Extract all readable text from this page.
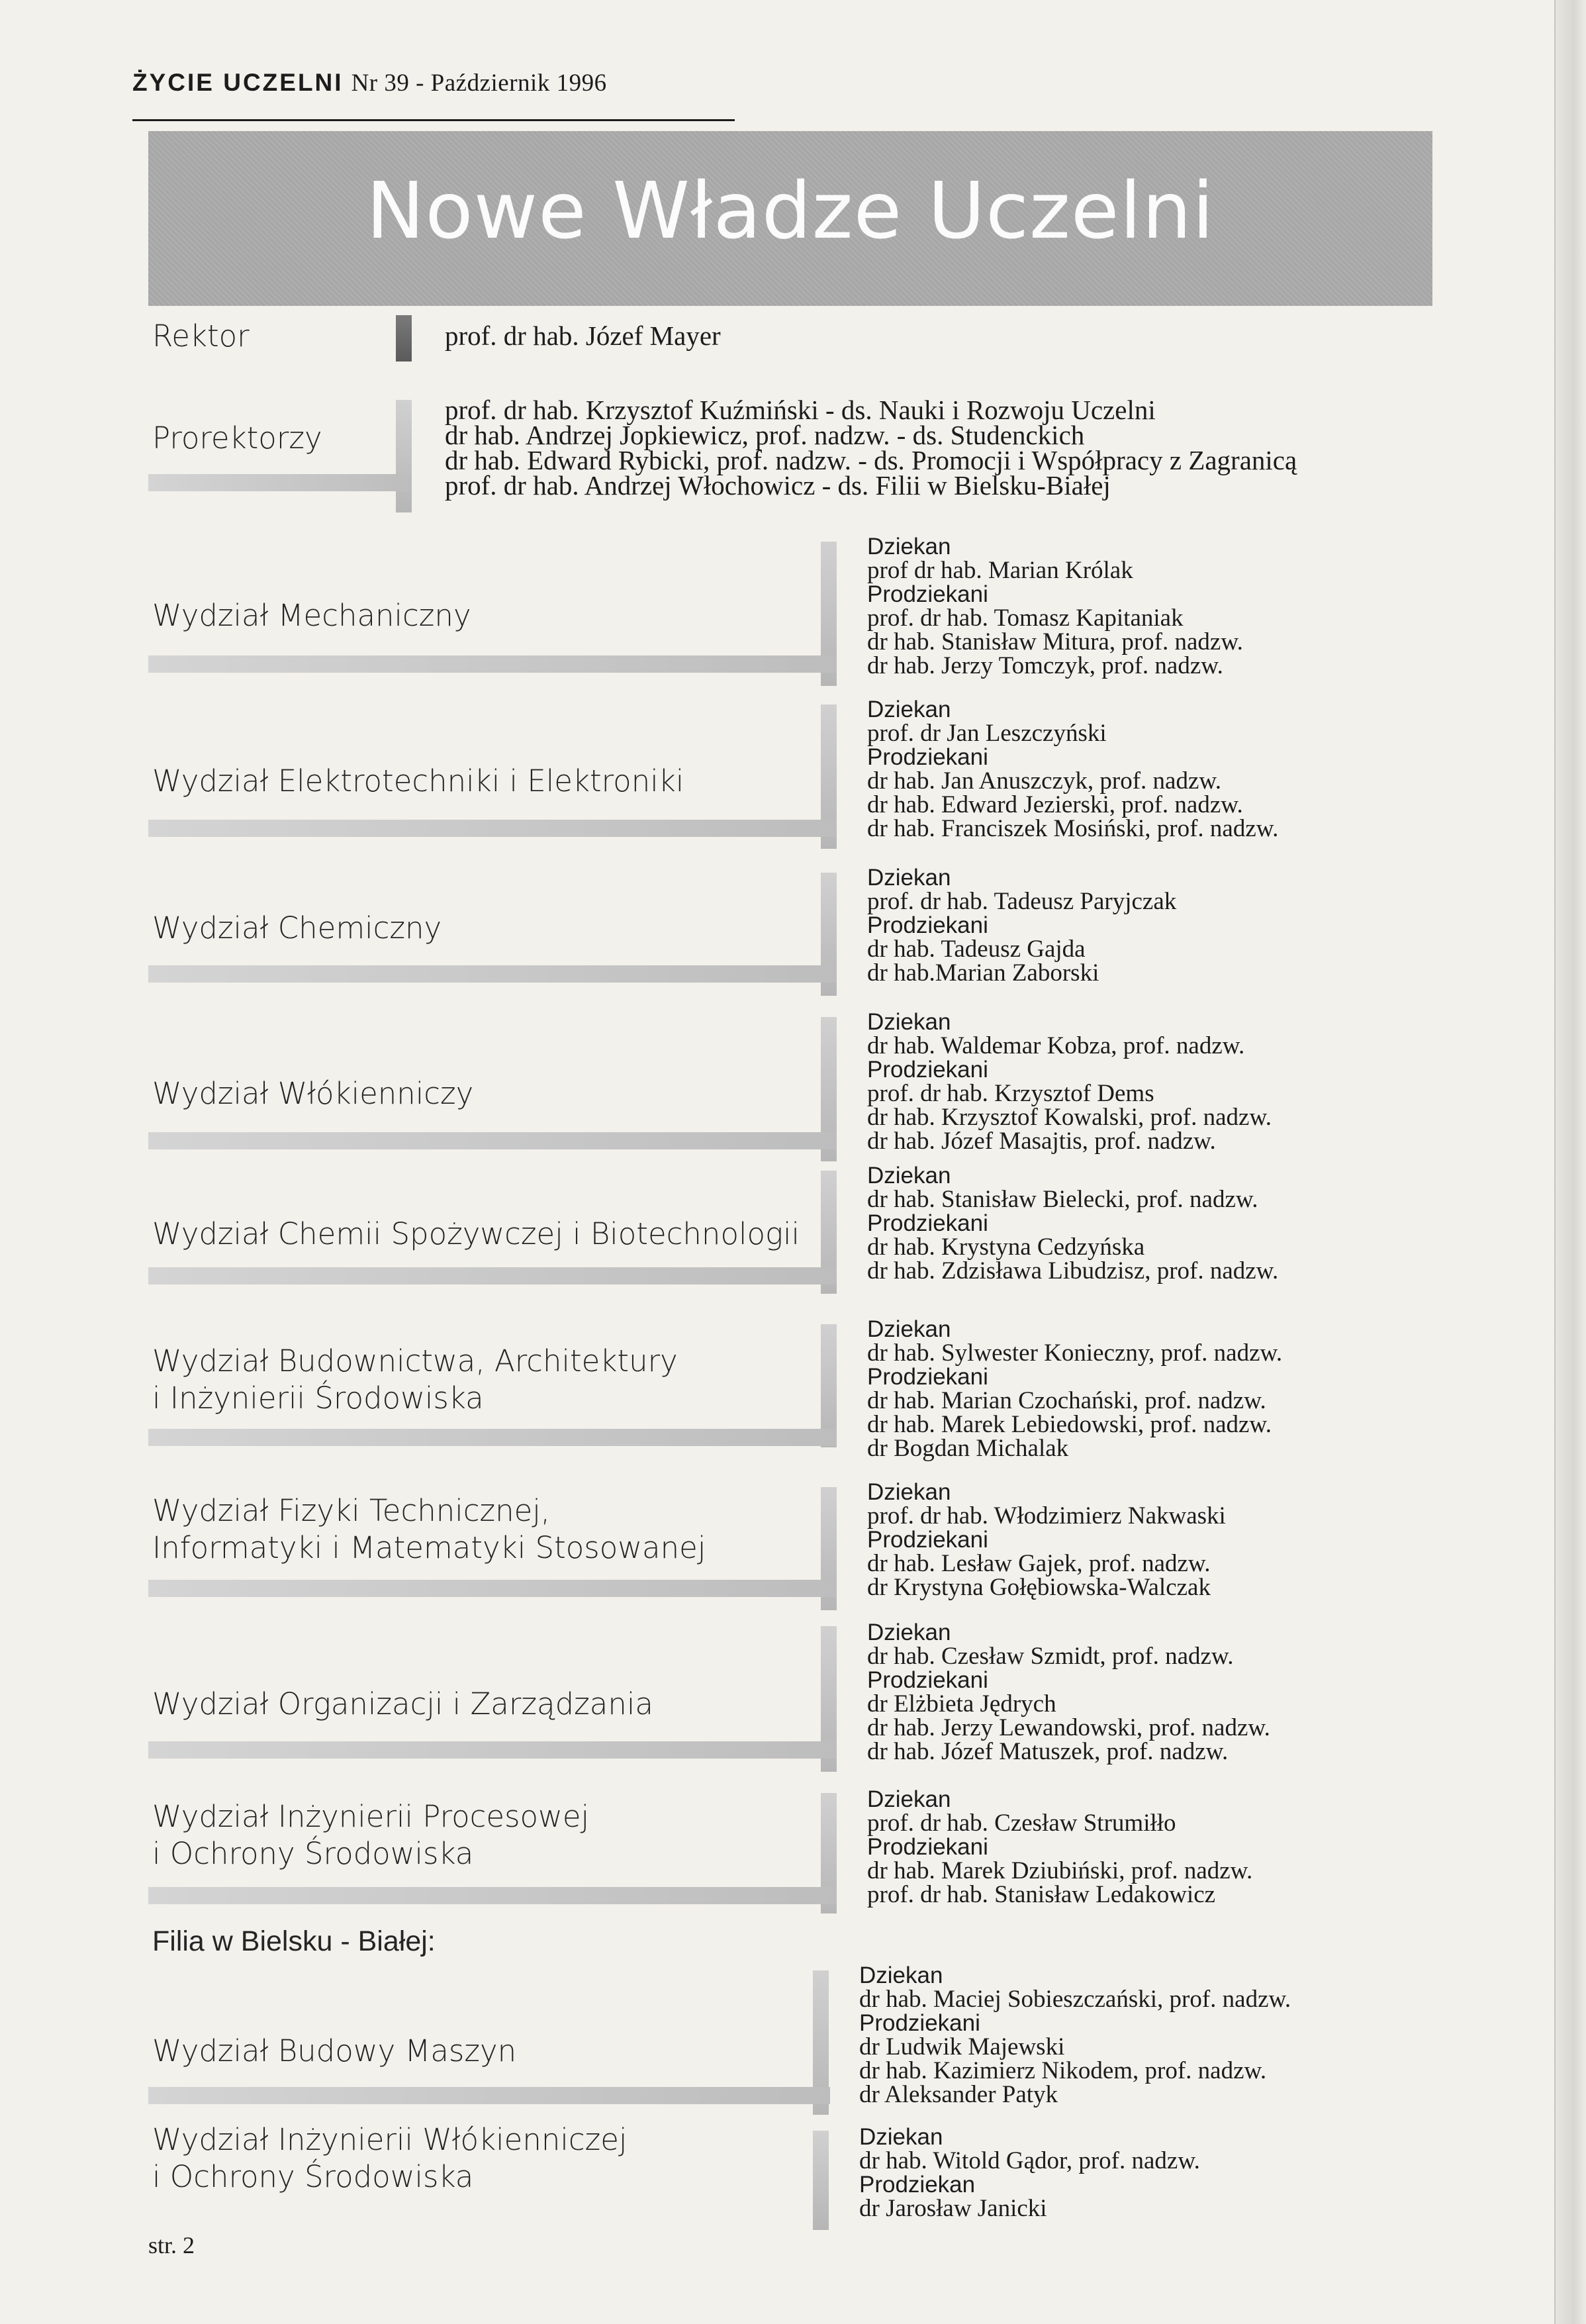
ŻYCIE UCZELNI Nr 39 - Październik 1996
Nowe Władze Uczelni
Rektor	prof. dr hab. Józef Mayer
Prorektorzy
prof. dr hab. Krzysztof Kuźmiński - ds. Nauki i Rozwoju Uczelni
dr hab. Andrzej Jopkiewicz, prof. nadzw. - ds. Studenckich
dr hab. Edward Rybicki, prof. nadzw. - ds. Promocji i Współpracy z Zagranicą
prof. dr hab. Andrzej Włochowicz - ds. Filii w Bielsku-Białej
Wydział Mechaniczny
Dziekan
prof dr hab. Marian Królak
Prodziekani
prof. dr hab. Tomasz Kapitaniak
dr hab. Stanisław Mitura, prof. nadzw.
dr hab. Jerzy Tomczyk, prof. nadzw.
Wydział Elektrotechniki i Elektroniki
Dziekan
prof. dr Jan Leszczyński
Prodziekani
dr hab. Jan Anuszczyk, prof. nadzw.
dr hab. Edward Jezierski, prof. nadzw.
dr hab. Franciszek Mosiński, prof. nadzw.
Wydział Chemiczny
Dziekan
prof. dr hab. Tadeusz Paryjczak
Prodziekani
dr hab. Tadeusz Gajda
dr hab.Marian Zaborski
Wydział Włókienniczy
Dziekan
dr hab. Waldemar Kobza, prof. nadzw.
Prodziekani
prof. dr hab. Krzysztof Dems
dr hab. Krzysztof Kowalski, prof. nadzw.
dr hab. Józef Masajtis, prof. nadzw.
Wydział Chemii Spożywczej i Biotechnologii
Dziekan
dr hab. Stanisław Bielecki, prof. nadzw.
Prodziekani
dr hab. Krystyna Cedzyńska
dr hab. Zdzisława Libudzisz, prof. nadzw.
Wydział Budownictwa, Architektury
i Inżynierii Środowiska
Dziekan
dr hab. Sylwester Konieczny, prof. nadzw.
Prodziekani
dr hab. Marian Czochański, prof. nadzw.
dr hab. Marek Lebiedowski, prof. nadzw.
dr Bogdan Michalak
Wydział Fizyki Technicznej,
Informatyki i Matematyki Stosowanej
Dziekan
prof. dr hab. Włodzimierz Nakwaski
Prodziekani
dr hab. Lesław Gajek, prof. nadzw.
dr Krystyna Gołębiowska-Walczak
Wydział Organizacji i Zarządzania
Dziekan
dr hab. Czesław Szmidt, prof. nadzw.
Prodziekani
dr Elżbieta Jędrych
dr hab. Jerzy Lewandowski, prof. nadzw.
dr hab. Józef Matuszek, prof. nadzw.
Wydział Inżynierii Procesowej
i Ochrony Środowiska
Dziekan
prof. dr hab. Czesław Strumiłło
Prodziekani
dr hab. Marek Dziubiński, prof. nadzw.
prof. dr hab. Stanisław Ledakowicz
Filia w Bielsku - Białej:
Wydział Budowy Maszyn
Dziekan
dr hab. Maciej Sobieszczański, prof. nadzw.
Prodziekani
dr Ludwik Majewski
dr hab. Kazimierz Nikodem, prof. nadzw.
dr Aleksander Patyk
Wydział Inżynierii Włókienniczej
i Ochrony Środowiska
Dziekan
dr hab. Witold Gądor, prof. nadzw.
Prodziekan
dr Jarosław Janicki
str. 2
